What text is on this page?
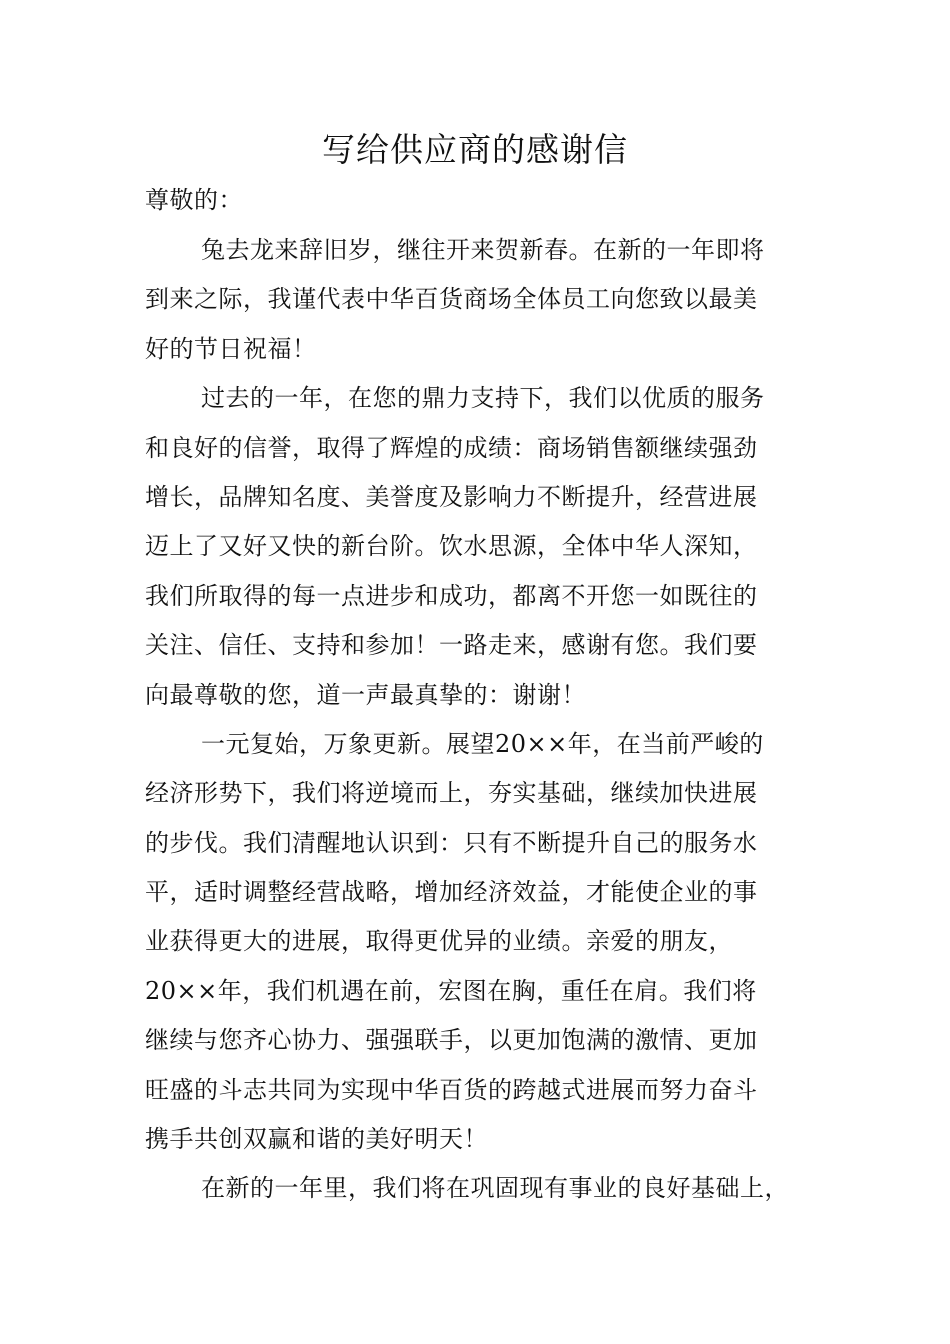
写给供应商的感谢信
尊敬的：
兔去龙来辞旧岁，继往开来贺新春。在新的一年即将
到来之际，我谨代表中华百货商场全体员工向您致以最美
好的节日祝福！
过去的一年，在您的鼎力支持下，我们以优质的服务
和良好的信誉，取得了辉煌的成绩：商场销售额继续强劲
增长，品牌知名度、美誉度及影响力不断提升，经营进展
迈上了又好又快的新台阶。饮水思源，全体中华人深知，
我们所取得的每一点进步和成功，都离不开您一如既往的
关注、信任、支持和参加！一路走来，感谢有您。我们要
向最尊敬的您，道一声最真挚的：谢谢！
一元复始，万象更新。展望20××年，在当前严峻的
经济形势下，我们将逆境而上，夯实基础，继续加快进展
的步伐。我们清醒地认识到：只有不断提升自己的服务水
平，适时调整经营战略，增加经济效益，才能使企业的事
业获得更大的进展，取得更优异的业绩。亲爱的朋友，
20××年，我们机遇在前，宏图在胸，重任在肩。我们将
继续与您齐心协力、强强联手，以更加饱满的激情、更加
旺盛的斗志共同为实现中华百货的跨越式进展而努力奋斗
携手共创双赢和谐的美好明天！
在新的一年里，我们将在巩固现有事业的良好基础上，
